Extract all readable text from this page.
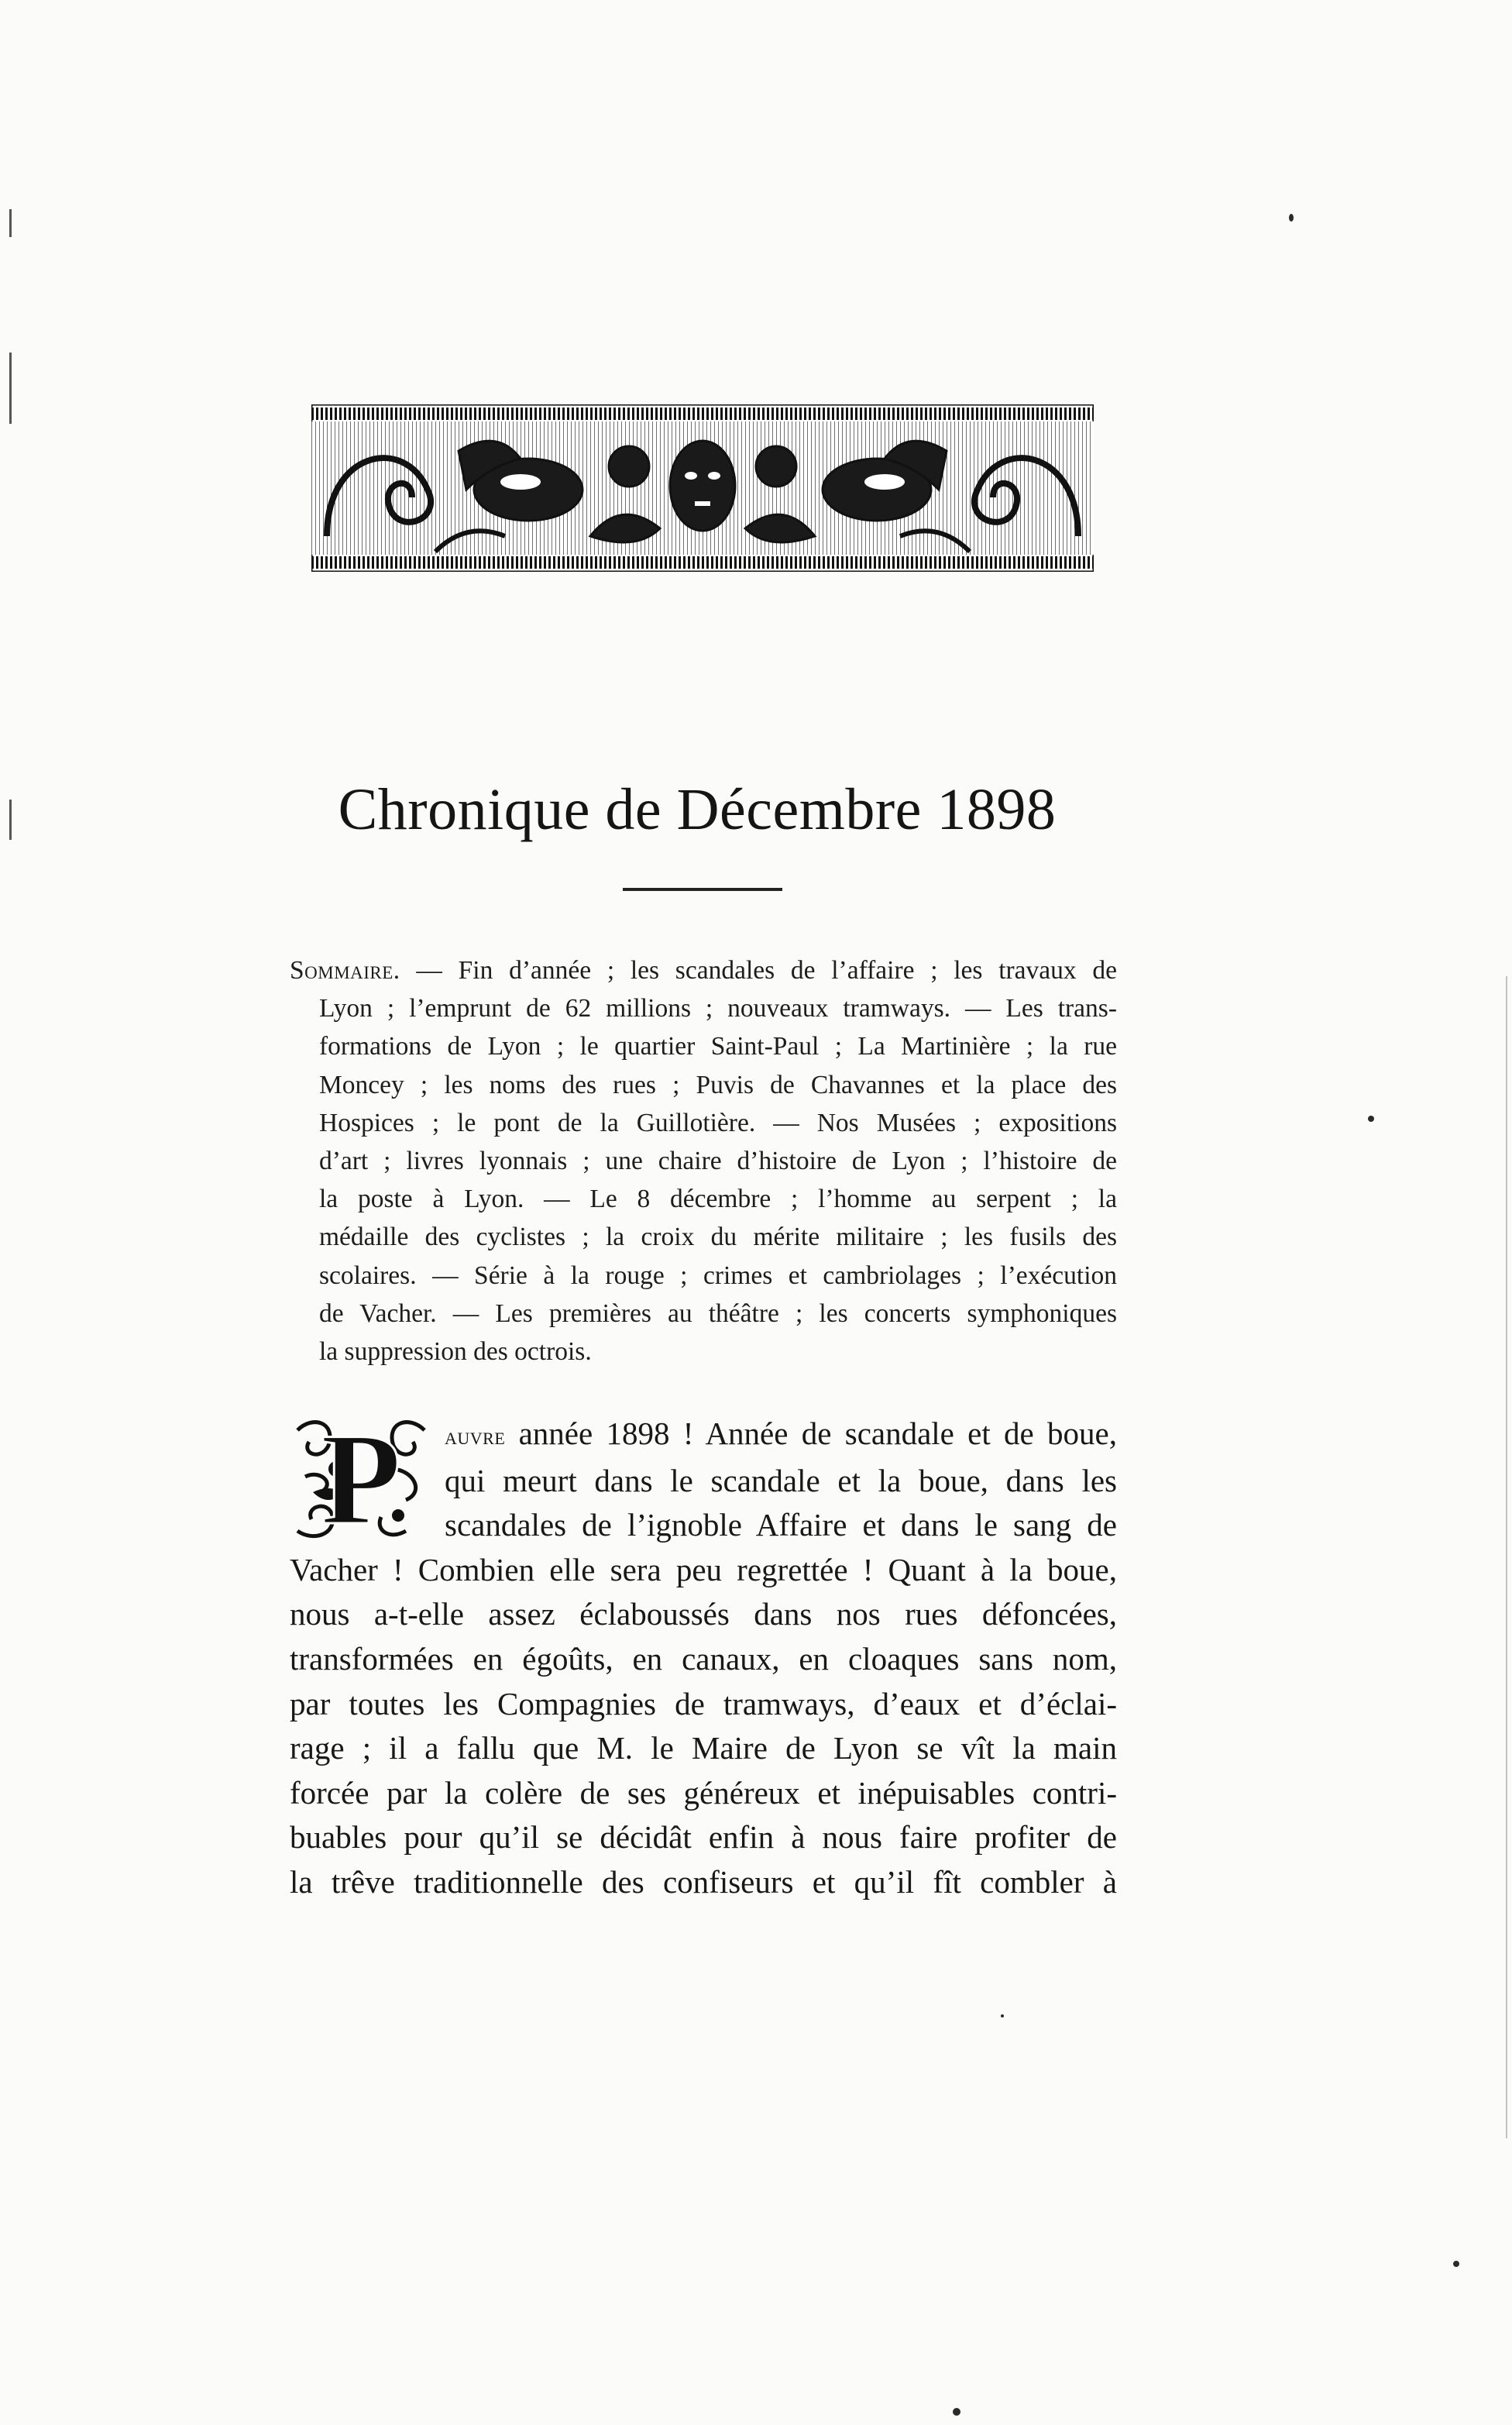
Chronique de Décembre 1898
Sommaire. — Fin d’année ; les scandales de l’affaire ; les travaux de
Lyon ; l’emprunt de 62 millions ; nouveaux tramways. — Les trans-
formations de Lyon ; le quartier Saint-Paul ; La Martinière ; la rue
Moncey ; les noms des rues ; Puvis de Chavannes et la place des
Hospices ; le pont de la Guillotière. — Nos Musées ; expositions
d’art ; livres lyonnais ; une chaire d’histoire de Lyon ; l’histoire de
la poste à Lyon. — Le 8 décembre ; l’homme au serpent ; la
médaille des cyclistes ; la croix du mérite militaire ; les fusils des
scolaires. — Série à la rouge ; crimes et cambriolages ; l’exécution
de Vacher. — Les premières au théâtre ; les concerts symphoniques
la suppression des octrois.
P	auvre année 1898 ! Année de scandale et de boue,
qui meurt dans le scandale et la boue, dans les
scandales de l’ignoble Affaire et dans le sang de
Vacher ! Combien elle sera peu regrettée ! Quant à la boue,
nous a-t-elle assez éclaboussés dans nos rues défoncées,
transformées en égoûts, en canaux, en cloaques sans nom,
par toutes les Compagnies de tramways, d’eaux et d’éclai-
rage ; il a fallu que M. le Maire de Lyon se vît la main
forcée par la colère de ses généreux et inépuisables contri-
buables pour qu’il se décidât enfin à nous faire profiter de
la trêve traditionnelle des confiseurs et qu’il fît combler à
